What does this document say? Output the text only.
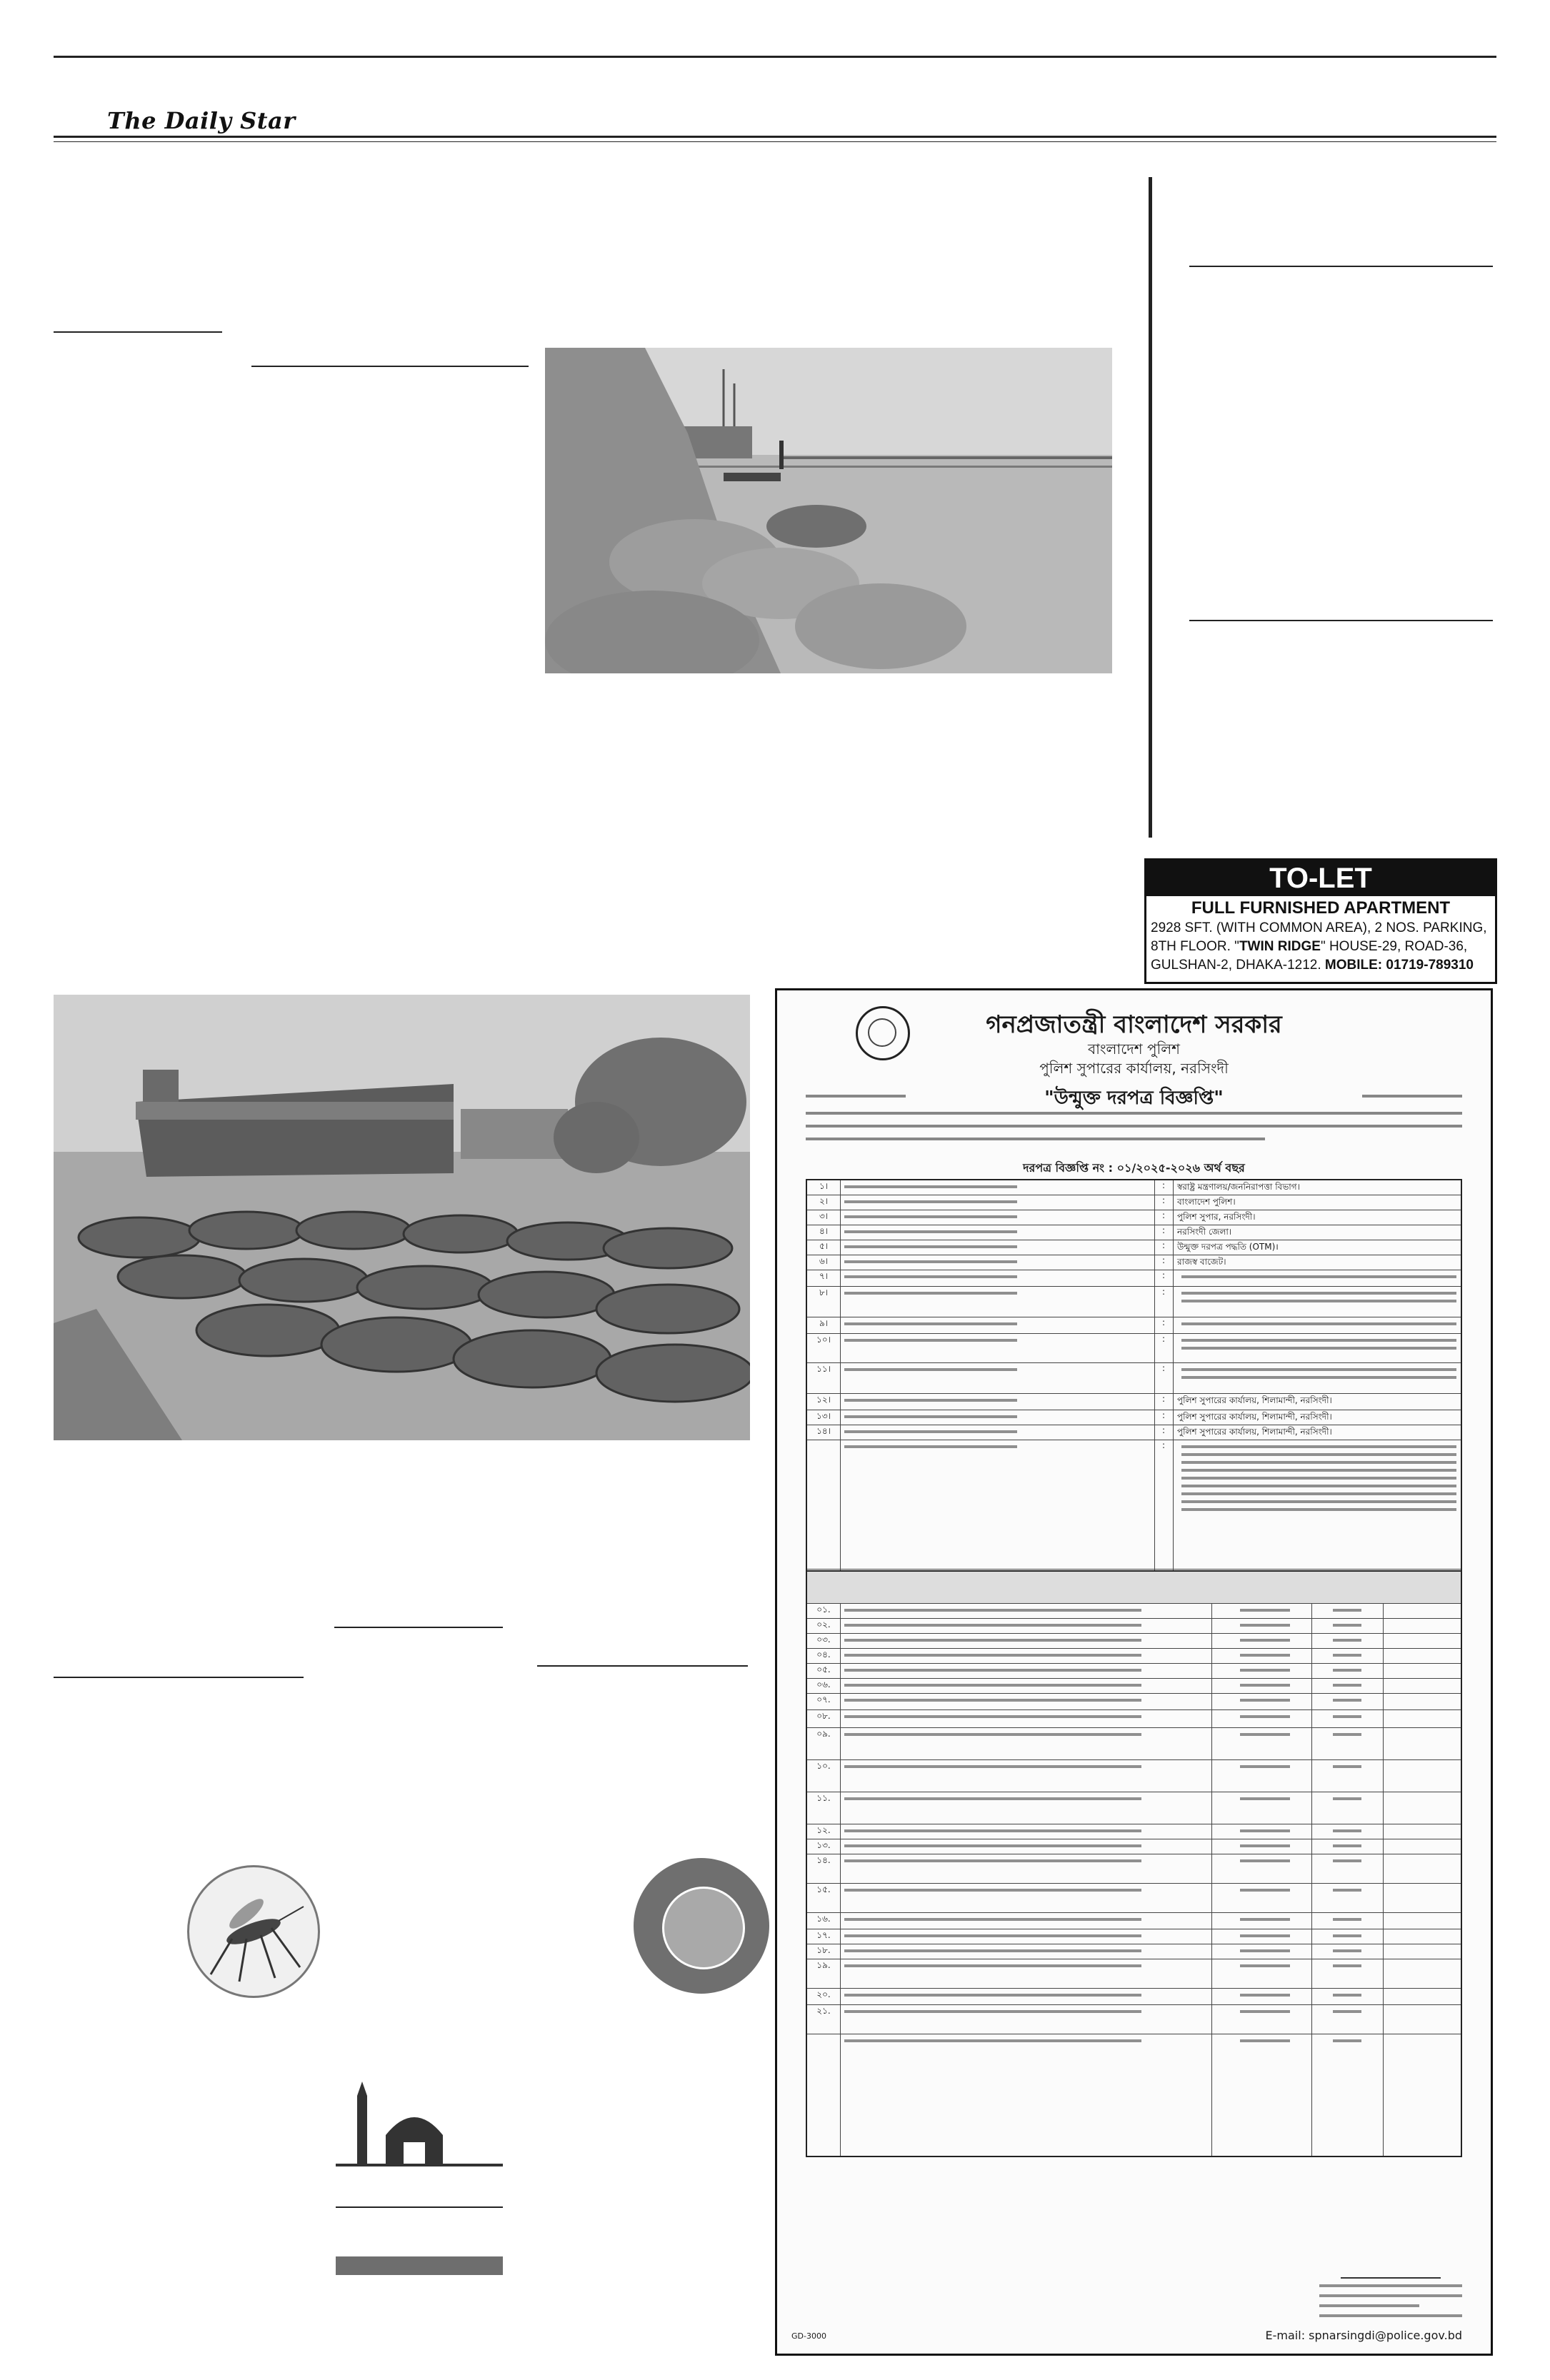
The Daily Star
TO-LET
FULL FURNISHED APARTMENT
2928 SFT. (WITH COMMON AREA), 2 NOS. PARKING,
8TH FLOOR. "TWIN RIDGE" HOUSE-29, ROAD-36,
GULSHAN-2, DHAKA-1212. MOBILE: 01719-789310
গনপ্রজাতন্ত্রী বাংলাদেশ সরকার
বাংলাদেশ পুলিশ
পুলিশ সুপারের কার্যালয়, নরসিংদী
"উন্মুক্ত দরপত্র বিজ্ঞপ্তি"
দরপত্র বিজ্ঞপ্তি নং : ০১/২০২৫-২০২৬ অর্থ বছর
১।	:	স্বরাষ্ট্র মন্ত্রণালয়/জননিরাপত্তা বিভাগ।
২।	:	বাংলাদেশ পুলিশ।
৩।	:	পুলিশ সুপার, নরসিংদী।
৪।	:	নরসিংদী জেলা।
৫।	:	উন্মুক্ত দরপত্র পদ্ধতি (OTM)।
৬।	:	রাজস্ব বাজেট।
৭।	:
৮।	:
৯।	:
১০।	:
১১।	:
১২।	:	পুলিশ সুপারের কার্যালয়, শিলামান্দী, নরসিংদী।
১৩।	:	পুলিশ সুপারের কার্যালয়, শিলামান্দী, নরসিংদী।
১৪।	:	পুলিশ সুপারের কার্যালয়, শিলামান্দী, নরসিংদী।
:
০১.
০২.
০৩.
০৪.
০৫.
০৬.
০৭.
০৮.
০৯.
১০.
১১.
১২.
১৩.
১৪.
১৫.
১৬.
১৭.
১৮.
১৯.
২০.
২১.
GD-3000	E-mail: spnarsingdi@police.gov.bd
